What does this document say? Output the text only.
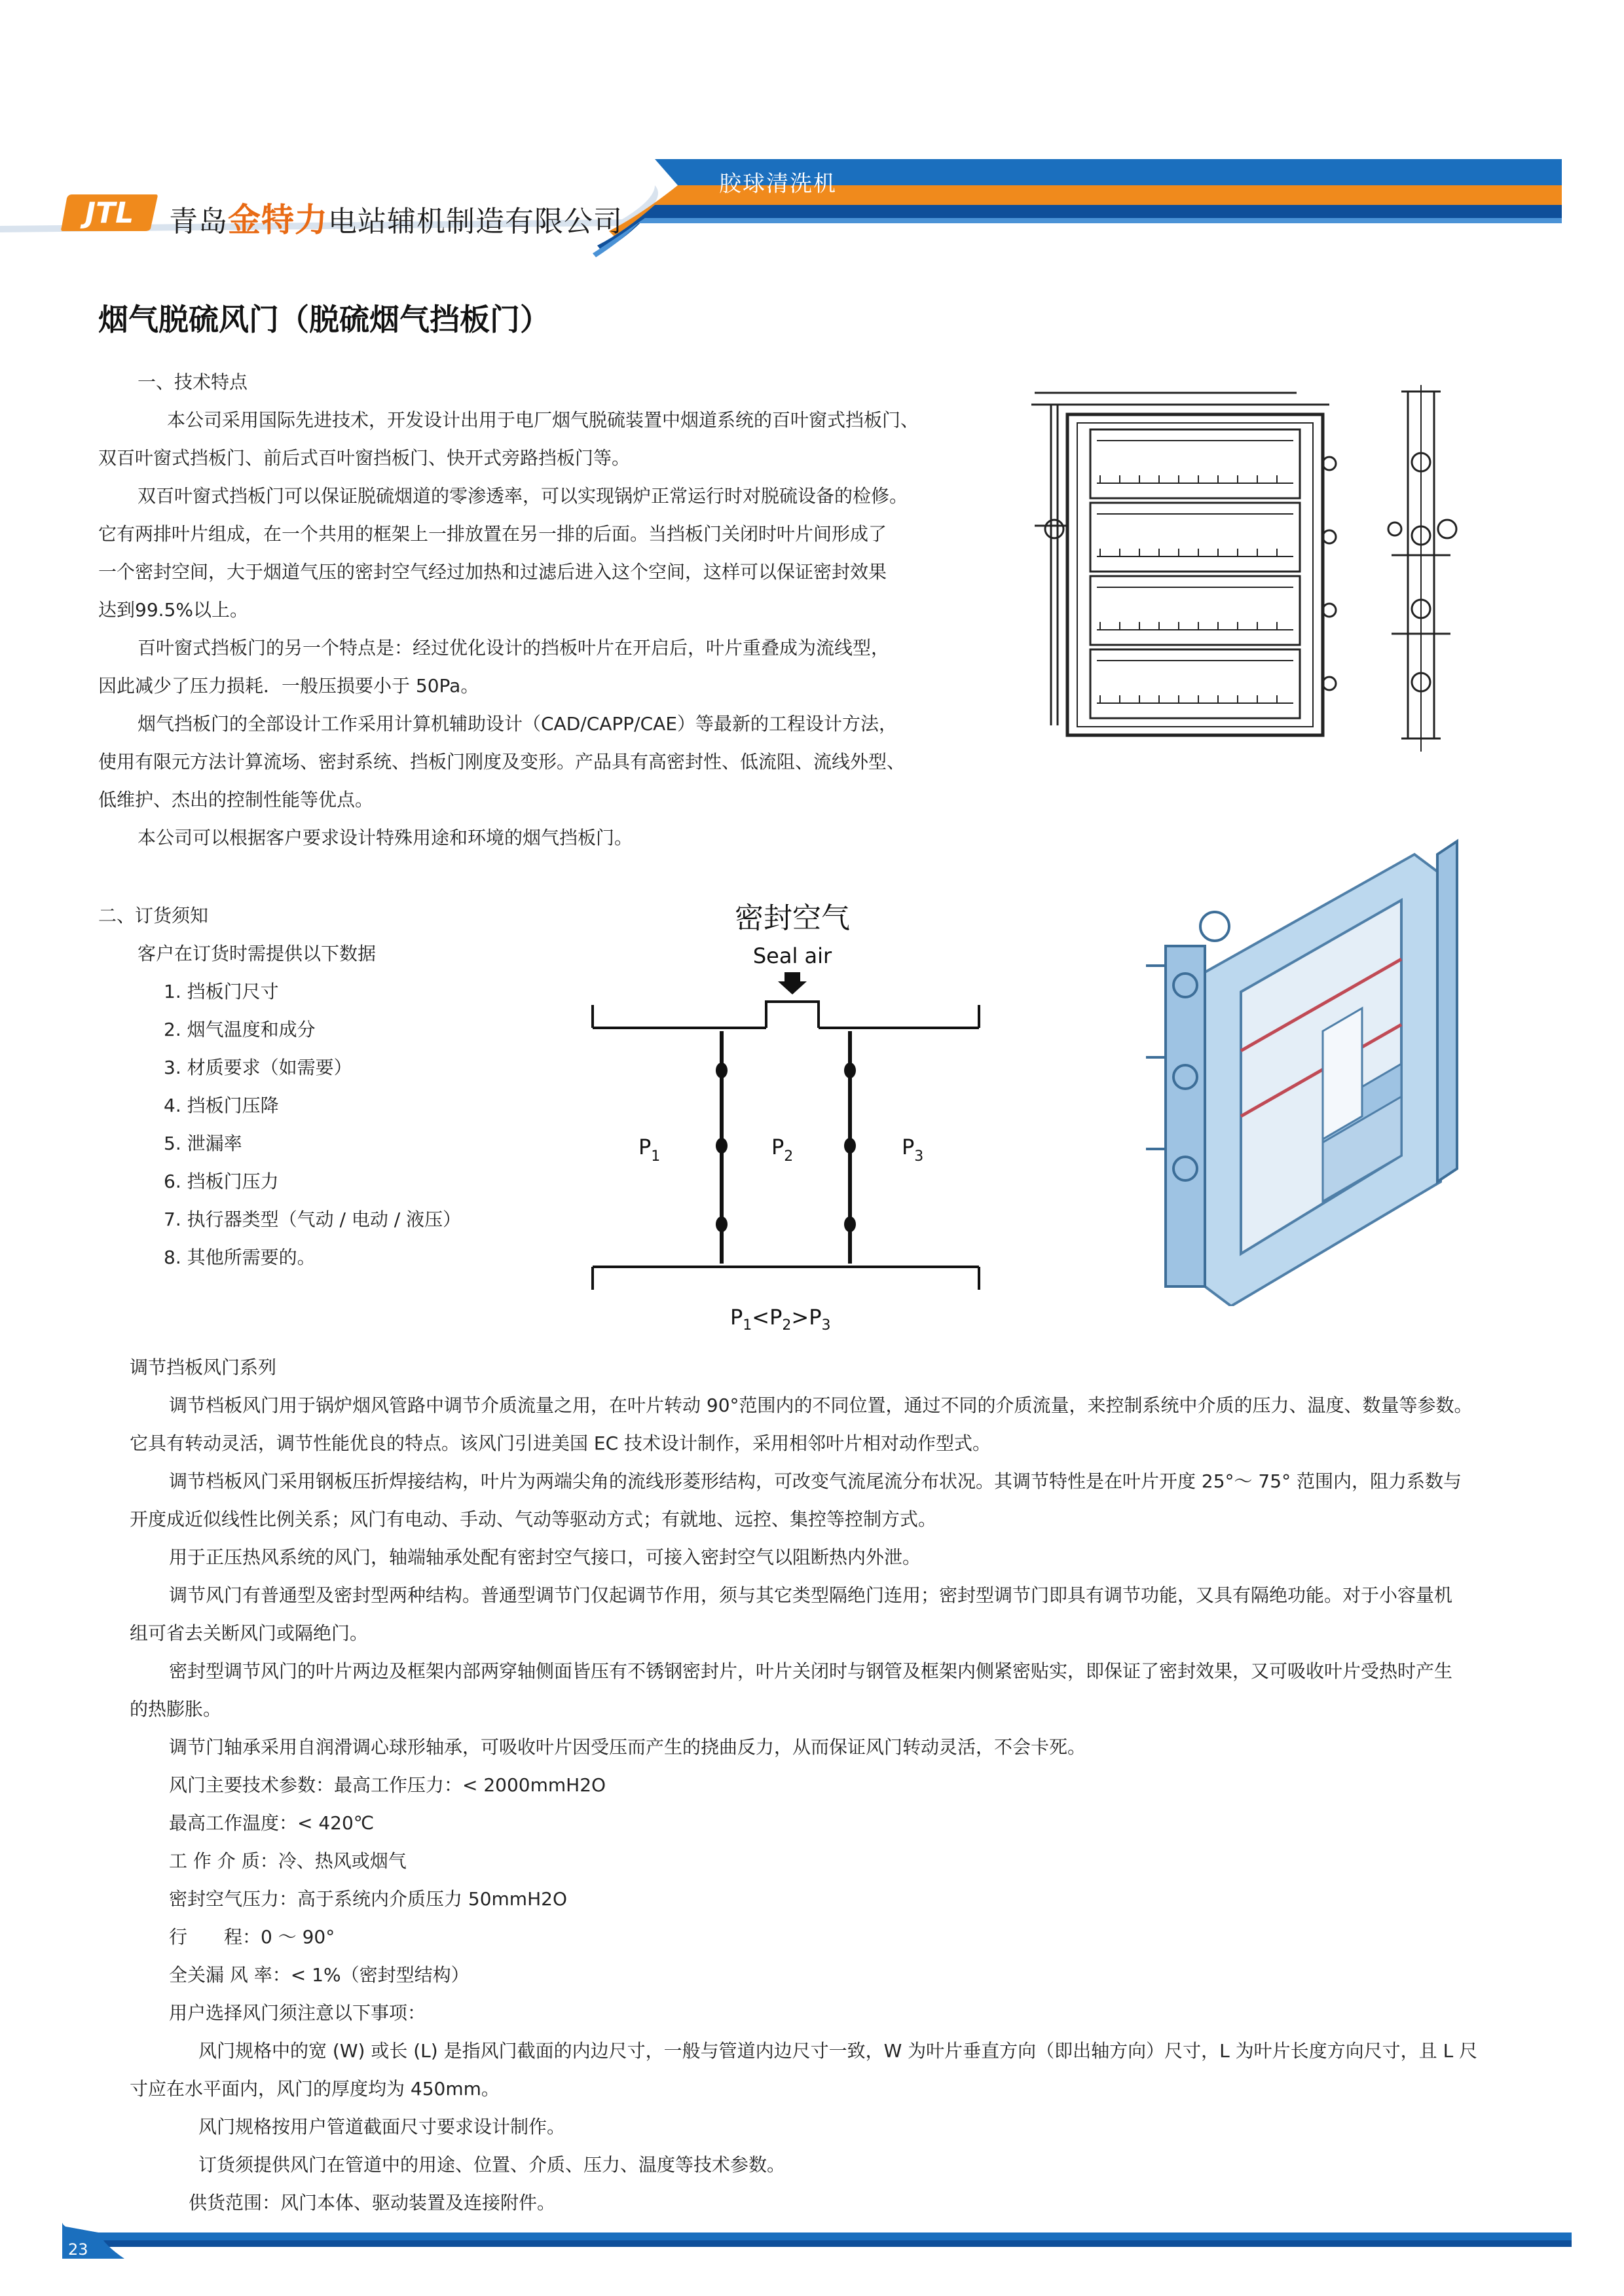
JTL 青岛金特力电站辅机制造有限公司
胶球清洗机
烟气脱硫风门（脱硫烟气挡板门）
一、技术特点
本公司采用国际先进技术，开发设计出用于电厂烟气脱硫装置中烟道系统的百叶窗式挡板门、
双百叶窗式挡板门、前后式百叶窗挡板门、快开式旁路挡板门等。
双百叶窗式挡板门可以保证脱硫烟道的零渗透率，可以实现锅炉正常运行时对脱硫设备的检修。
它有两排叶片组成，在一个共用的框架上一排放置在另一排的后面。当挡板门关闭时叶片间形成了
一个密封空间，大于烟道气压的密封空气经过加热和过滤后进入这个空间，这样可以保证密封效果
达到99.5%以上。
百叶窗式挡板门的另一个特点是：经过优化设计的挡板叶片在开启后，叶片重叠成为流线型，
因此减少了压力损耗．一般压损要小于 50Pa。
烟气挡板门的全部设计工作采用计算机辅助设计（CAD/CAPP/CAE）等最新的工程设计方法，
使用有限元方法计算流场、密封系统、挡板门刚度及变形。产品具有高密封性、低流阻、流线外型、
低维护、杰出的控制性能等优点。
本公司可以根据客户要求设计特殊用途和环境的烟气挡板门。
二、订货须知
客户在订货时需提供以下数据
1. 挡板门尺寸
2. 烟气温度和成分
3. 材质要求（如需要）
4. 挡板门压降
5. 泄漏率
6. 挡板门压力
7. 执行器类型（气动 / 电动 / 液压）
8. 其他所需要的。
密封空气
Seal air
$P_1$	$P_2$	$P_3$
$P_1<P_2>P_3$
调节挡板风门系列
调节档板风门用于锅炉烟风管路中调节介质流量之用，在叶片转动 90°范围内的不同位置，通过不同的介质流量，来控制系统中介质的压力、温度、数量等参数。
它具有转动灵活，调节性能优良的特点。该风门引进美国 EC 技术设计制作，采用相邻叶片相对动作型式。
调节档板风门采用钢板压折焊接结构，叶片为两端尖角的流线形菱形结构，可改变气流尾流分布状况。其调节特性是在叶片开度 25°～ 75° 范围内，阻力系数与
开度成近似线性比例关系；风门有电动、手动、气动等驱动方式；有就地、远控、集控等控制方式。
用于正压热风系统的风门，轴端轴承处配有密封空气接口，可接入密封空气以阻断热内外泄。
调节风门有普通型及密封型两种结构。普通型调节门仅起调节作用，须与其它类型隔绝门连用；密封型调节门即具有调节功能，又具有隔绝功能。对于小容量机
组可省去关断风门或隔绝门。
密封型调节风门的叶片两边及框架内部两穿轴侧面皆压有不锈钢密封片，叶片关闭时与钢管及框架内侧紧密贴实，即保证了密封效果，又可吸收叶片受热时产生
的热膨胀。
调节门轴承采用自润滑调心球形轴承，可吸收叶片因受压而产生的挠曲反力，从而保证风门转动灵活，不会卡死。
风门主要技术参数：最高工作压力：< 2000mmH2O
最高工作温度：< 420℃
工 作 介 质：冷、热风或烟气
密封空气压力：高于系统内介质压力 50mmH2O
行　　程：0 ～ 90°
全关漏 风 率：< 1%（密封型结构）
用户选择风门须注意以下事项：
风门规格中的宽 (W) 或长 (L) 是指风门截面的内边尺寸，一般与管道内边尺寸一致，W 为叶片垂直方向（即出轴方向）尺寸，L 为叶片长度方向尺寸，且 L 尺
寸应在水平面内，风门的厚度均为 450mm。
风门规格按用户管道截面尺寸要求设计制作。
订货须提供风门在管道中的用途、位置、介质、压力、温度等技术参数。
供货范围：风门本体、驱动装置及连接附件。
23
